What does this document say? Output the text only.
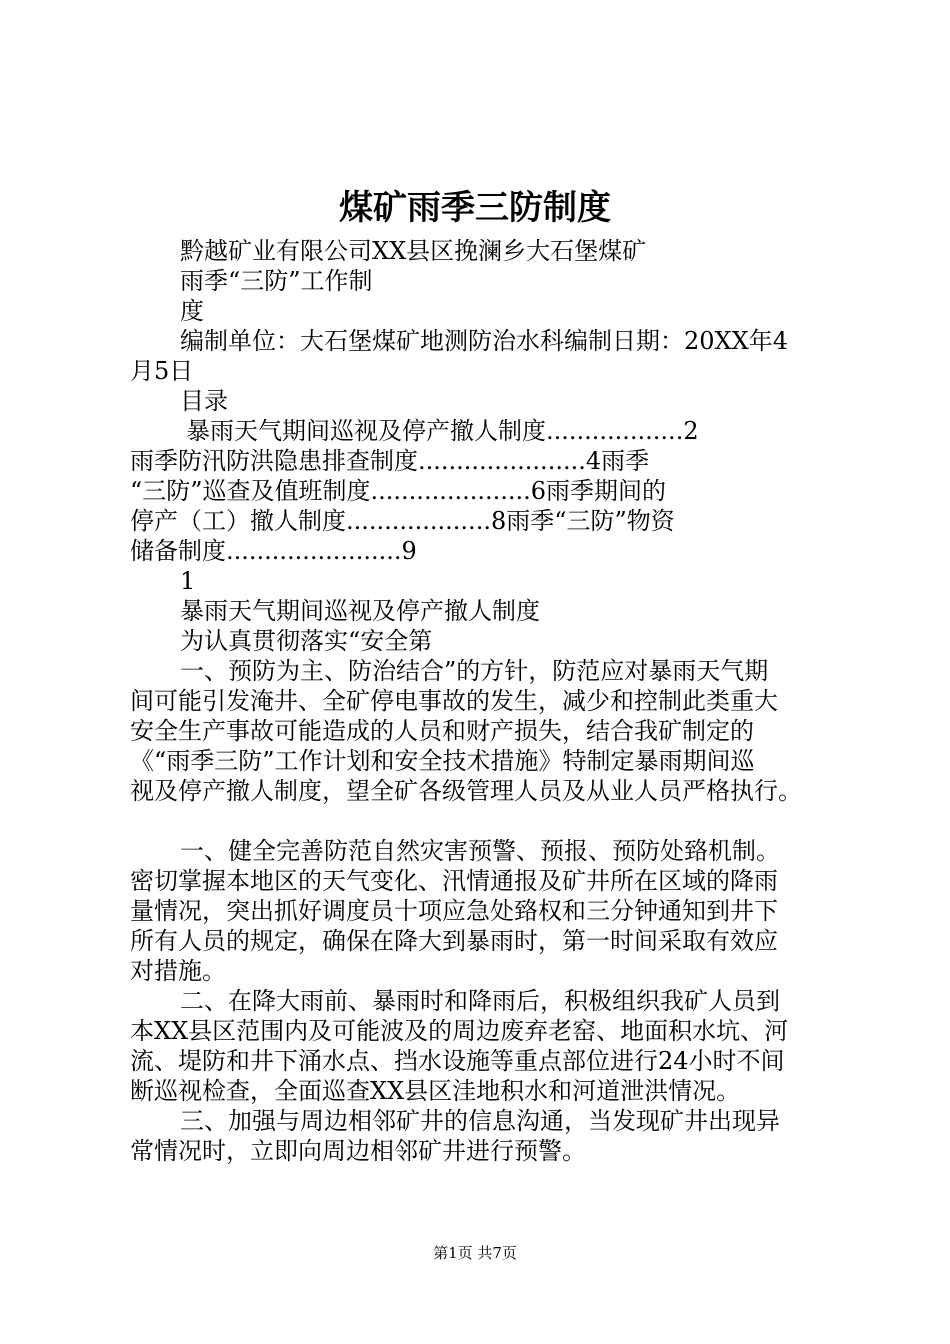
煤矿雨季三防制度
黔越矿业有限公司XX县区挽澜乡大石堡煤矿
雨季“三防”工作制
度
编制单位：大石堡煤矿地测防治水科编制日期：20XX年4
月5日
目录
暴雨天气期间巡视及停产撤人制度..................2
雨季防汛防洪隐患排查制度......................4雨季
“三防”巡查及值班制度.....................6雨季期间的
停产（工）撤人制度...................8雨季“三防”物资
储备制度.......................9
1
暴雨天气期间巡视及停产撤人制度
为认真贯彻落实“安全第
一、预防为主、防治结合”的方针，防范应对暴雨天气期
间可能引发淹井、全矿停电事故的发生，减少和控制此类重大
安全生产事故可能造成的人员和财产损失，结合我矿制定的
《“雨季三防”工作计划和安全技术措施》特制定暴雨期间巡
视及停产撤人制度，望全矿各级管理人员及从业人员严格执行。
一、健全完善防范自然灾害预警、预报、预防处臵机制。
密切掌握本地区的天气变化、汛情通报及矿井所在区域的降雨
量情况，突出抓好调度员十项应急处臵权和三分钟通知到井下
所有人员的规定，确保在降大到暴雨时，第一时间采取有效应
对措施。
二、在降大雨前、暴雨时和降雨后，积极组织我矿人员到
本XX县区范围内及可能波及的周边废弃老窑、地面积水坑、河
流、堤防和井下涌水点、挡水设施等重点部位进行24小时不间
断巡视检查，全面巡查XX县区洼地积水和河道泄洪情况。
三、加强与周边相邻矿井的信息沟通，当发现矿井出现异
常情况时，立即向周边相邻矿井进行预警。
第1页 共7页
